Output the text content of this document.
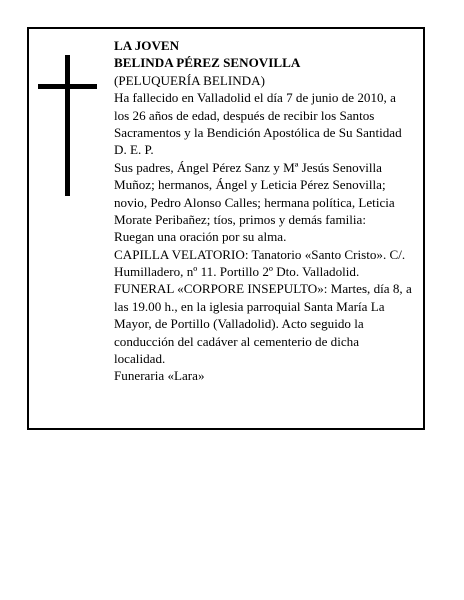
LA JOVEN
BELINDA PÉREZ SENOVILLA
(PELUQUERÍA BELINDA)
Ha fallecido en Valladolid el día 7 de junio de 2010, a
los 26 años de edad, después de recibir los Santos
Sacramentos y la Bendición Apostólica de Su Santidad
D. E. P.
Sus padres, Ángel Pérez Sanz y Mª Jesús Senovilla
Muñoz; hermanos, Ángel y Leticia Pérez Senovilla;
novio, Pedro Alonso Calles; hermana política, Leticia
Morate Peribañez; tíos, primos y demás familia:
Ruegan una oración por su alma.
CAPILLA VELATORIO: Tanatorio «Santo Cristo». C/.
Humilladero, nº 11. Portillo 2º Dto. Valladolid.
FUNERAL «CORPORE INSEPULTO»: Martes, día 8, a
las 19.00 h., en la iglesia parroquial Santa María La
Mayor, de Portillo (Valladolid). Acto seguido la
conducción del cadáver al cementerio de dicha
localidad.
Funeraria «Lara»
